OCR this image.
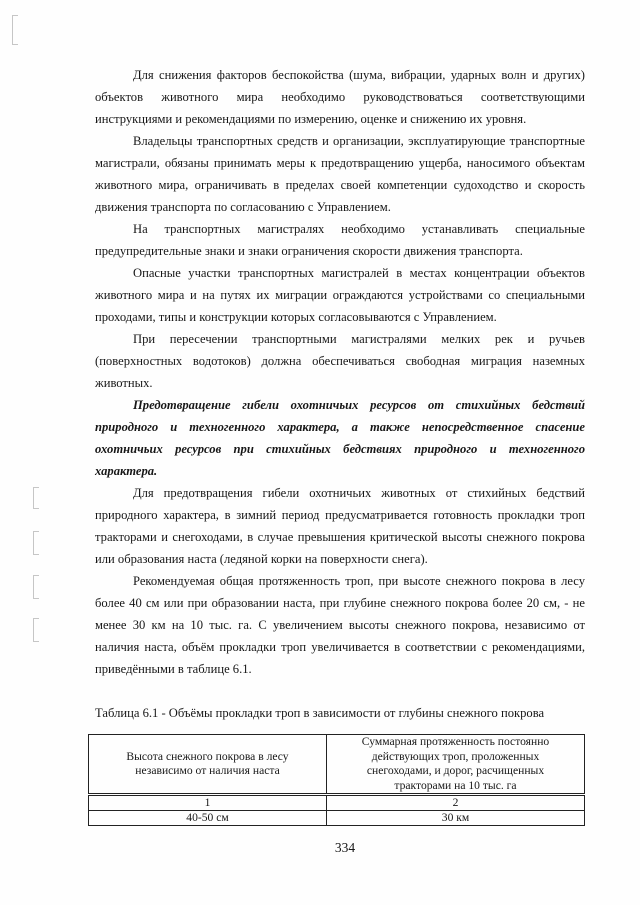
Для снижения факторов беспокойства (шума, вибрации, ударных волн и других) объектов животного мира необходимо руководствоваться соответствующими инструкциями и рекомендациями по измерению, оценке и снижению их уровня.

Владельцы транспортных средств и организации, эксплуатирующие транспортные магистрали, обязаны принимать меры к предотвращению ущерба, наносимого объектам животного мира, ограничивать в пределах своей компетенции судоходство и скорость движения транспорта по согласованию с Управлением.

На транспортных магистралях необходимо устанавливать специальные предупредительные знаки и знаки ограничения скорости движения транспорта.

Опасные участки транспортных магистралей в местах концентрации объектов животного мира и на путях их миграции ограждаются устройствами со специальными проходами, типы и конструкции которых согласовываются с Управлением.

При пересечении транспортными магистралями мелких рек и ручьев (поверхностных водотоков) должна обеспечиваться свободная миграция наземных животных.

Предотвращение гибели охотничьих ресурсов от стихийных бедствий природного и техногенного характера, а также непосредственное спасение охотничьих ресурсов при стихийных бедствиях природного и техногенного характера.

Для предотвращения гибели охотничьих животных от стихийных бедствий природного характера, в зимний период предусматривается готовность прокладки троп тракторами и снегоходами, в случае превышения критической высоты снежного покрова или образования наста (ледяной корки на поверхности снега).

Рекомендуемая общая протяженность троп, при высоте снежного покрова в лесу более 40 см или при образовании наста, при глубине снежного покрова более 20 см, - не менее 30 км на 10 тыс. га. С увеличением высоты снежного покрова, независимо от наличия наста, объём прокладки троп увеличивается в соответствии с рекомендациями, приведёнными в таблице 6.1.

Таблица 6.1 - Объёмы прокладки троп в зависимости от глубины снежного покрова

Высота снежного покрова в лесу независимо от наличия наста	Суммарная протяженность постоянно действующих троп, проложенных снегоходами, и дорог, расчищенных тракторами на 10 тыс. га
1	2
40-50 см	30 км
334
